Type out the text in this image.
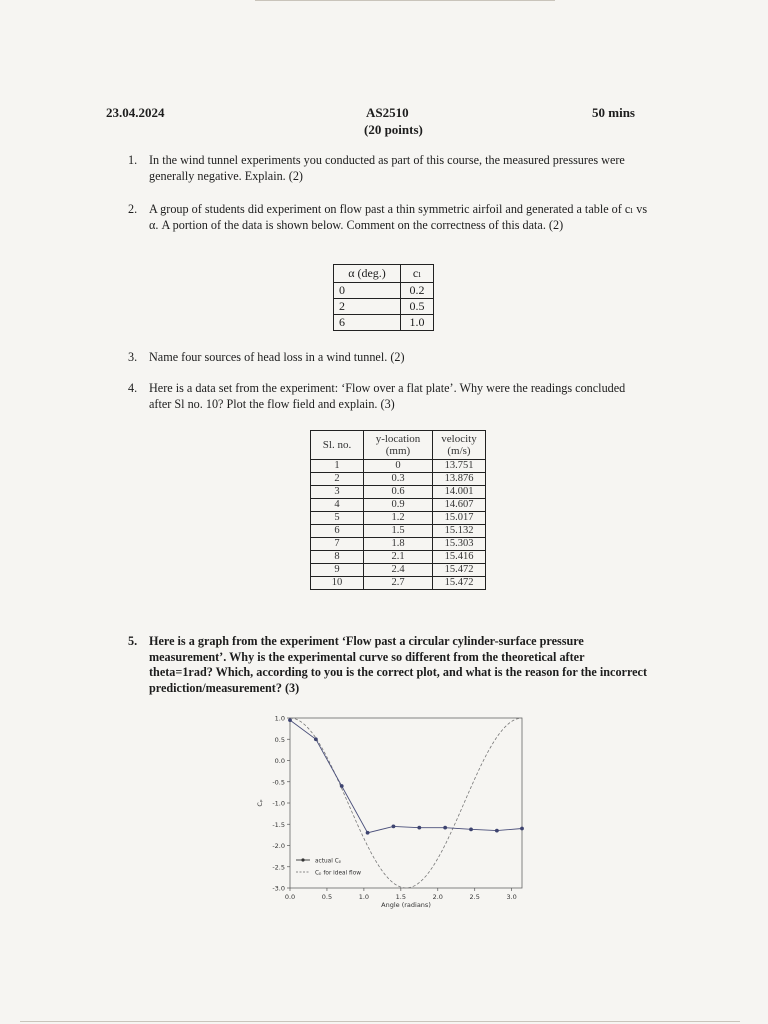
23.04.2024	AS2510
(20 points)
50 mins
1. In the wind tunnel experiments you conducted as part of this course, the measured pressures were generally negative. Explain. (2)
2. A group of students did experiment on flow past a thin symmetric airfoil and generated a table of cₗ vs α. A portion of the data is shown below. Comment on the correctness of this data. (2)
α (deg.)	cₗ
0	0.2
2	0.5
6	1.0
3. Name four sources of head loss in a wind tunnel. (2)
4. Here is a data set from the experiment: ‘Flow over a flat plate’. Why were the readings concluded after Sl no. 10? Plot the flow field and explain. (3)
Sl. no.	y-location (mm)	velocity (m/s)
1	0	13.751
2	0.3	13.876
3	0.6	14.001
4	0.9	14.607
5	1.2	15.017
6	1.5	15.132
7	1.8	15.303
8	2.1	15.416
9	2.4	15.472
10	2.7	15.472
5. Here is a graph from the experiment ‘Flow past a circular cylinder-surface pressure measurement’. Why is the experimental curve so different from the theoretical after theta=1rad? Which, according to you is the correct plot, and what is the reason for the incorrect prediction/measurement? (3)
1.0
0.5
0.0
-0.5
-1.0
-1.5
-2.0
-2.5
-3.0
0.0	0.5	1.0	1.5	2.0	2.5	3.0
Angle (radians)
Cₚ
actual Cₚ
Cₚ for ideal flow
